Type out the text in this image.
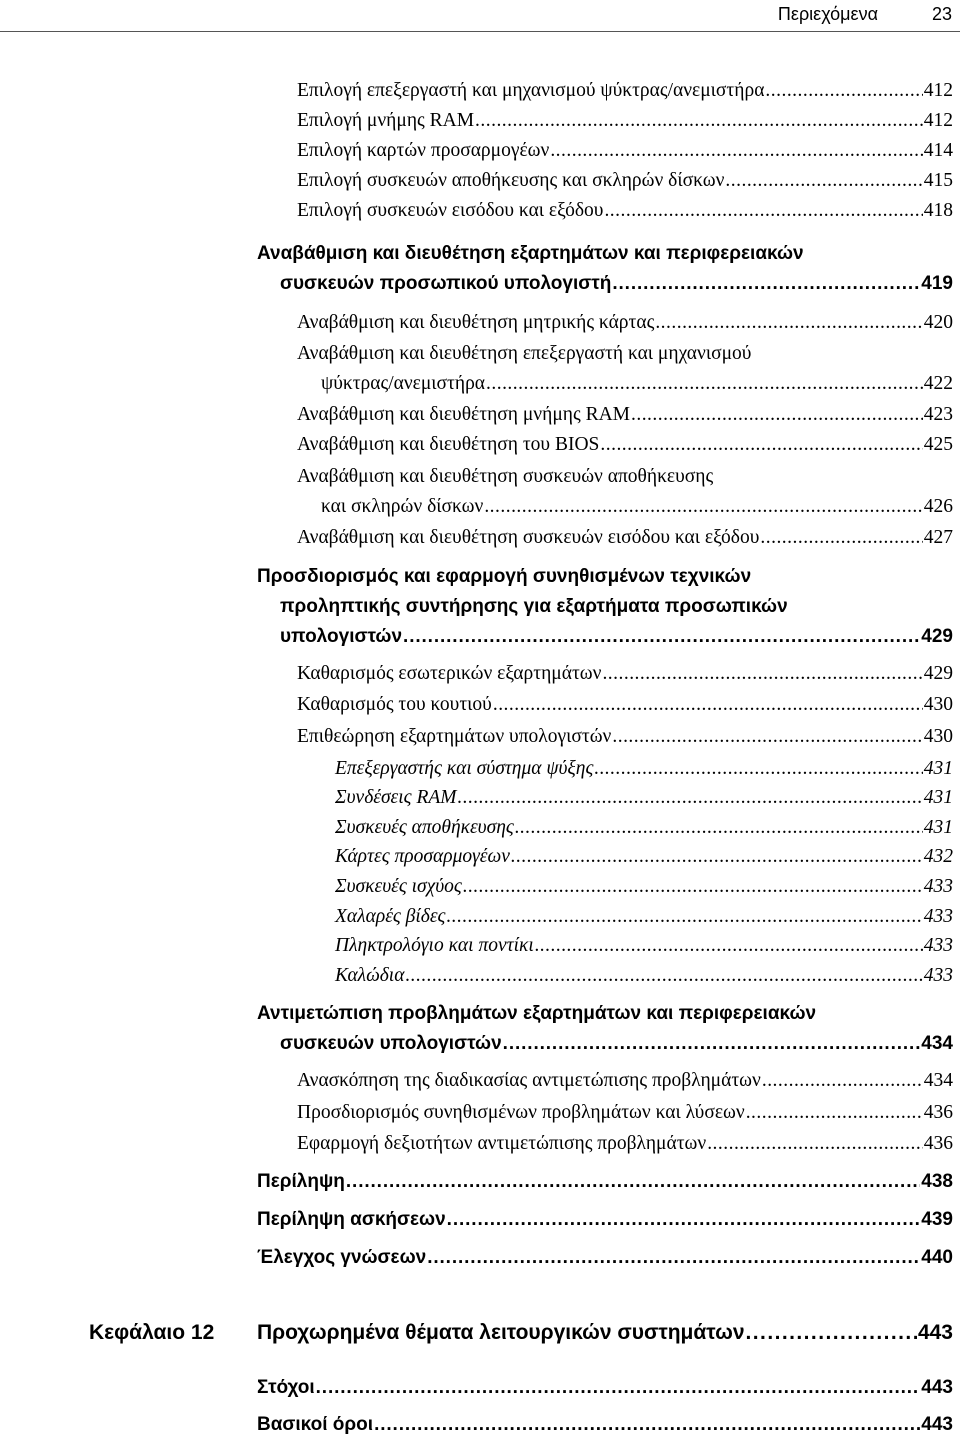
Περιεχόμενα	23
Επιλογή επεξεργαστή και μηχανισμού ψύκτρας/ανεμιστήρα . . .	412
Επιλογή μνήμης RAM . . .	412
Επιλογή καρτών προσαρμογέων . . .	414
Επιλογή συσκευών αποθήκευσης και σκληρών δίσκων . . .	415
Επιλογή συσκευών εισόδου και εξόδου . . .	418
Αναβάθμιση και διευθέτηση εξαρτημάτων και περιφερειακών
συσκευών προσωπικού υπολογιστή . . .	419
Αναβάθμιση και διευθέτηση μητρικής κάρτας . . .	420
Αναβάθμιση και διευθέτηση επεξεργαστή και μηχανισμού
ψύκτρας/ανεμιστήρα . . .	422
Αναβάθμιση και διευθέτηση μνήμης RAM . . .	423
Αναβάθμιση και διευθέτηση του BIOS . . .	425
Αναβάθμιση και διευθέτηση συσκευών αποθήκευσης
και σκληρών δίσκων . . .	426
Αναβάθμιση και διευθέτηση συσκευών εισόδου και εξόδου . . .	427
Προσδιορισμός και εφαρμογή συνηθισμένων τεχνικών
προληπτικής συντήρησης για εξαρτήματα προσωπικών
υπολογιστών . . .	429
Καθαρισμός εσωτερικών εξαρτημάτων . . .	429
Καθαρισμός του κουτιού . . .	430
Επιθεώρηση εξαρτημάτων υπολογιστών . . .	430
Επεξεργαστής και σύστημα ψύξης . . .	431
Συνδέσεις RAM . . .	431
Συσκευές αποθήκευσης . . .	431
Κάρτες προσαρμογέων . . .	432
Συσκευές ισχύος . . .	433
Χαλαρές βίδες . . .	433
Πληκτρολόγιο και ποντίκι . . .	433
Καλώδια . . .	433
Αντιμετώπιση προβλημάτων εξαρτημάτων και περιφερειακών
συσκευών υπολογιστών . . .	434
Ανασκόπηση της διαδικασίας αντιμετώπισης προβλημάτων . . .	434
Προσδιορισμός συνηθισμένων προβλημάτων και λύσεων . . .	436
Εφαρμογή δεξιοτήτων αντιμετώπισης προβλημάτων . . .	436
Περίληψη . . .	438
Περίληψη ασκήσεων . . .	439
Έλεγχος γνώσεων . . .	440
Κεφάλαιο 12 Προχωρημένα θέματα λειτουργικών συστημάτων . . .	443
Στόχοι . . .	443
Βασικοί όροι . . .	443
